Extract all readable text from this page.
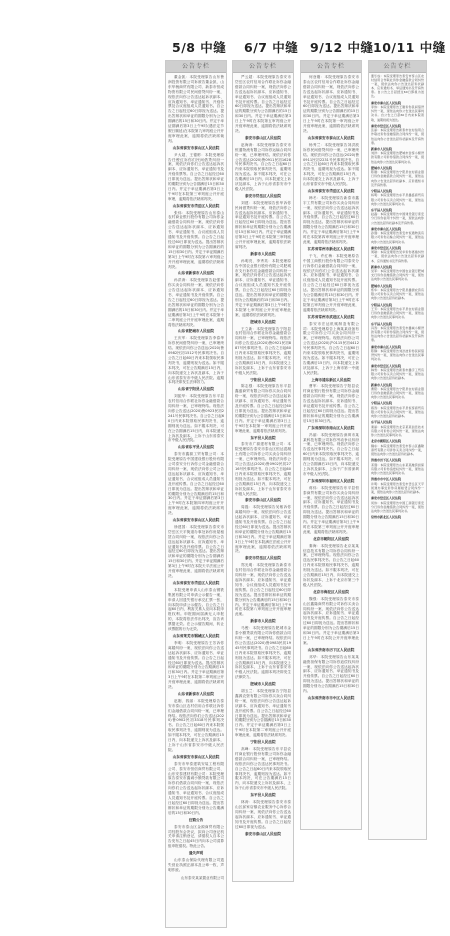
5/8 中缝 6/7 中缝 9/12 中缝 10/11 中缝
公告专栏

董金凯：本院受理原告山东鲁润投资有限公司诉被告董金凯、山东华柄商贸有限公司、新泰市恒成物资有限公司民间借贷纠纷一案，现依法向你公告送达起诉状副本、应诉通知书、举证通知书、开庭传票及合议庭组成人员通知书。自公告之日起经过60日即视为送达。提出答辩状和举证的期限分别为公告期满后的15日和30日内。并定于举证期满后第3日上午9时(遇法定节假日顺延)在本院第九审判庭公开开庭审理此案，逾期将依法缺席裁判。

山东省泰安市泰山区人民法院

尹大超、王德彬：本院受理原告任俊红诉你们民间借贷纠纷一案，现依法向你们公告送达起诉状副本、应诉通知书、举证通知书及开庭传票等。自公告之日起经过60日即视为送达。提出答辩状和举证的期限分别为公告期满后15日和30日内。并定于举证期满后第3日上午9时在本院第三审判庭公开开庭审理，逾期将依法缺席判决。

山东省泰安市岱岳区人民法院

张伟：本院受理原告山东泰山农村商业银行股份有限公司诉你金融借款合同纠纷一案，现依法向你公告送达起诉状副本、应诉通知书、举证通知书、合议庭组成人员通知书及开庭传票。自公告之日起经过60日即视为送达。提出答辩状和举证的期限分别为公告期满后的15日和30日内。并定于举证期满后第3日上午9时在本院第六审判庭公开开庭审理此案，逾期将依法缺席判决。

山东省新泰市人民法院

孙洪涛：本院受理原告赵强诉你买卖合同纠纷一案，现依法向你公告送达起诉状副本、应诉通知书、举证通知书及开庭传票。自公告之日起经过60日即视为送达。提出答辩状和举证的期限分别为公告期满后的15日和30日内。并定于举证期满后第3日上午9时在本院第十二审判庭公开开庭审理此案，逾期将依法缺席判决。

山东省肥城市人民法院

王庆军：本院受理原告李春华诉你民间借贷纠纷一案，已审理终结。现依法向你公告送达(2020)鲁0982民初1512号民事判决书。自公告之日起60日内来本院领取民事判决书，逾期则视为送达。如不服本判决，可在公告期满后15日内，向本院递交上诉状及副本，上诉于山东省泰安市中级人民法院。逾期本判决即发生法律效力。

山东省宁阳县人民法院

刘振华：本院受理原告东平县农村信用合作联社诉你金融借款合同纠纷一案，已审理终结。现依法向你公告送达(2020)鲁0923民初2241号民事判决书。自公告之日起60日内来本院领取民事判决书，逾期则视为送达。如不服本判决，可在公告期满后15日内，向本院递交上诉状及副本，上诉于山东省泰安市中级人民法院。

山东省东平县人民法院

泰安市鑫源工贸有限公司：本院受理原告中国建设银行股份有限公司泰安分行诉你公司金融借款合同纠纷一案，现依法向你公司公告送达起诉状副本、应诉通知书、举证通知书、合议庭组成人员通知书及开庭传票。自公告之日起经过60日即视为送达。提出答辩状和举证的期限分别为公告期满后的15日和30日内。并定于举证期满后第3日上午9时在本院第四审判庭公开开庭审理此案，逾期将依法缺席判决。

山东省泰安市泰山区人民法院

徐建国：本院受理原告泰安市岱岳区天平街道办事处诉你房屋租赁合同纠纷一案，现依法向你公告送达起诉状副本、应诉通知书、举证通知书及开庭传票。自公告之日起经过60日即视为送达。提出答辩状和举证的期限分别为公告期满后15日和30日内。并定于举证期满后第3日上午9时在本院天平法庭公开开庭审理此案，逾期将依法缺席判决。

山东省泰安市岱岳区人民法院

本院受理申请人山东泰山钢铁集团有限公司申请公示催告一案，申请人因遗失银行承兑汇票一张，向本院申请公示催告。自公告之日起60日内，利害关系人应向本院申报权利。申报期间届满无人申报的，本院将依法作出判决，宣告该票据无效。在公示催告期间，转让该票据的行为无效。

山东省莱芜市钢城区人民法院

李明：本院受理原告王芳诉你离婚纠纷一案，现依法向你公告送达起诉状副本、应诉通知书、举证通知书及开庭传票。自公告之日起经过60日即视为送达。提出答辩状和举证的期限分别为公告期满后15日和30日内。并定于举证期满后第3日上午9时在本院第二审判庭公开开庭审理此案，逾期将依法缺席判决。

山东省新泰市人民法院

赵刚、钱丽：本院受理原告泰安市泰山区农村信用合作联社诉你们金融借款合同纠纷一案，已审理终结。现依法向你们公告送达(2020)鲁0902民初3318号民事判决书。自公告之日起60日内来本院领取民事判决书，逾期则视为送达。如不服本判决，可在公告期满后15日内，向本院递交上诉状及副本，上诉于山东省泰安市中级人民法院。

山东省泰安市泰山区人民法院

泰安市华泰建筑安装工程有限公司、泰安市恒信商贸有限公司、山东安泰建材有限公司：本院受理原告泰安市鑫诚小额贷款有限公司诉你们借款合同纠纷一案，现依法向你们公告送达起诉状副本、应诉通知书、举证通知书、合议庭组成人员通知书及开庭传票。自公告之日起经过60日即视为送达。提出答辩状和举证的期限分别为公告期满后的15日和30日内。

注销公告

泰安市泰山区金源商贸有限公司经股东会决议，拟向公司登记机关申请注销登记，请债权人自本公告发布之日起45日内向本公司清算组申报债权。特此公告。

遗失声明

山东泰山保险代理有限公司遗失营业执照正副本及公章一枚，声明作废。

山东泰安某某置业有限公司

公告专栏

严云超：本院受理原告泰安市岱岳区农村信用合作联社诉你金融借款合同纠纷一案，现依法向你公告送达起诉状副本、应诉通知书、举证通知书、合议庭组成人员通知书及开庭传票。自公告之日起经过60日即视为送达。提出答辩状和举证的期限分别为公告期满后的15日和30日内。并定于举证期满后第3日上午9时在本院第五审判庭公开开庭审理此案，逾期将依法缺席判决。

泰安市泰山区人民法院

赵海涛：本院受理原告泰安市恒通物流有限公司诉你运输合同纠纷一案，已审理终结。现依法向你公告送达(2020)鲁0911民初1628号民事判决书。自公告之日起60日内来本院领取民事判决书，逾期则视为送达。如不服本判决，可在公告期满后15日内，向本院递交上诉状及副本，上诉于山东省泰安市中级人民法院。

泰安市岱岳区人民法院

刘建：本院受理原告张华诉你民间借贷纠纷一案，现依法向你公告送达起诉状副本、应诉通知书、举证通知书及开庭传票。自公告之日起经过60日即视为送达。提出答辩状和举证的期限分别为公告期满后15日和30日内。并定于举证期满后第3日上午9时在本院第三审判庭公开开庭审理此案，逾期将依法缺席判决。

新泰市人民法院

孙明亮、李秀英：本院受理原告中国农业银行股份有限公司肥城市支行诉你们金融借款合同纠纷一案，现依法向你们公告送达起诉状副本、应诉通知书、举证通知书、合议庭组成人员通知书及开庭传票。自公告之日起经过60日即视为送达。提出答辩状和举证的期限分别为公告期满后的15日和30日内。并定于举证期满后第3日上午9时在本院第七审判庭公开开庭审理此案，逾期将依法缺席判决。

肥城市人民法院

王立新：本院受理原告宁阳县农村信用合作联社诉你金融借款合同纠纷一案，已审理终结。现依法向你公告送达(2020)鲁0921民初887号民事判决书。自公告之日起60日内来本院领取民事判决书，逾期则视为送达。如不服本判决，可在公告期满后15日内，向本院递交上诉状及副本，上诉于山东省泰安市中级人民法院。

宁阳县人民法院

陈志强：本院受理原告东平县鑫盛商贸有限公司诉你买卖合同纠纷一案，现依法向你公告送达起诉状副本、应诉通知书、举证通知书及开庭传票。自公告之日起经过60日即视为送达。提出答辩状和举证的期限分别为公告期满后15日和30日内。并定于举证期满后第3日上午9时在本院第一审判庭公开开庭审理此案，逾期将依法缺席判决。

东平县人民法院

泰安市广源建材有限公司：本院受理原告泰安市泰山区恒达混凝土有限公司诉你公司买卖合同纠纷一案，已审理终结。现依法向你公司公告送达(2020)鲁0902民初2716号民事判决书。自公告之日起60日内来本院领取民事判决书，逾期则视为送达。如不服本判决，可在公告期满后15日内，向本院递交上诉状及副本，上诉于山东省泰安市中级人民法院。

泰安市泰山区人民法院

周磊：本院受理原告吴敏诉你离婚纠纷一案，现依法向你公告送达起诉状副本、应诉通知书、举证通知书及开庭传票。自公告之日起经过60日即视为送达。提出答辩状和举证的期限分别为公告期满后15日和30日内。并定于举证期满后第3日上午9时在本院满庄法庭公开开庭审理此案，逾期将依法缺席判决。

泰安市岱岳区人民法院

郑光明：本院受理原告新泰市农村信用合作联社诉你金融借款合同纠纷一案，现依法向你公告送达起诉状副本、应诉通知书、举证通知书、合议庭组成人员通知书及开庭传票。自公告之日起经过60日即视为送达。提出答辩状和举证的期限分别为公告期满后的15日和30日内。并定于举证期满后第3日上午9时在本院第八审判庭公开开庭审理此案。

新泰市人民法院

马俊：本院受理原告肥城市金泰小额贷款有限公司诉你借款合同纠纷一案，已审理终结。现依法向你公告送达(2020)鲁0983民初1945号民事判决书。自公告之日起60日内来本院领取民事判决书，逾期则视为送达。如不服本判决，可在公告期满后15日内，向本院递交上诉状及副本，上诉于山东省泰安市中级人民法院。逾期本判决即发生法律效力。

肥城市人民法院

胡玉兰：本院受理原告宁阳县鑫源农资有限公司诉你买卖合同纠纷一案，现依法向你公告送达起诉状副本、应诉通知书、举证通知书及开庭传票。自公告之日起经过60日即视为送达。提出答辩状和举证的期限分别为公告期满后15日和30日内。并定于举证期满后第3日上午9时在本院第二审判庭公开开庭审理此案，逾期将依法缺席判决。

宁阳县人民法院

高峰：本院受理原告东平县农村商业银行股份有限公司诉你金融借款合同纠纷一案，已审理终结。现依法向你公告送达民事判决书。自公告之日起60日内来本院领取民事判决书，逾期则视为送达。如不服本判决，可在公告期满后15日内，向本院递交上诉状及副本，上诉于山东省泰安市中级人民法院。

东平县人民法院

林涛：本院受理原告泰安市泰山区邱家店镇农业服务中心诉你合同纠纷一案，现依法向你公告送达起诉状副本、应诉通知书、举证通知书及开庭传票。自公告之日起经过60日即视为送达。

泰安市泰山区人民法院

公告专栏

何登刚：本院受理原告泰安市泰山区农村信用合作联社诉你金融借款合同纠纷一案，现依法向你公告送达起诉状副本、应诉通知书、举证通知书、合议庭组成人员通知书及开庭传票。自公告之日起经过60日即视为送达。提出答辩状和举证的期限分别为公告期满后的15日和30日内。并定于举证期满后第3日上午9时在本院第一审判庭公开开庭审理此案，逾期将依法缺席判决。

山东省泰安市泰山区人民法院

杨秀兰：本院受理原告刘洪波诉你民间借贷纠纷一案，已审理终结。现依法向你公告送达(2020)鲁0911民初2231号民事判决书。自公告之日起60日内来本院领取民事判决书，逾期则视为送达。如不服本判决，可在公告期满后15日内，向本院递交上诉状及副本，上诉于山东省泰安市中级人民法院。

山东省泰安市岱岳区人民法院

韩冬：本院受理原告新泰市鑫宇工贸有限公司诉你买卖合同纠纷一案，现依法向你公告送达起诉状副本、应诉通知书、举证通知书及开庭传票。自公告之日起经过60日即视为送达。提出答辩状和举证的期限分别为公告期满后15日和30日内。并定于举证期满后第3日上午9时在本院第四审判庭公开开庭审理此案，逾期将依法缺席判决。

江苏省常州市新北区人民法院

于飞、许红梅：本院受理原告中国工商银行股份有限公司泰安分行诉你们金融借款合同纠纷一案，现依法向你们公告送达起诉状副本、应诉通知书、举证通知书、合议庭组成人员通知书及开庭传票。自公告之日起经过60日即视为送达。提出答辩状和举证的期限分别为公告期满后的15日和30日内。并定于举证期满后第3日上午9时在本院第五审判庭公开开庭审理此案，逾期将依法缺席判决。

江苏省常州市武进区人民法院

泰安市宏达机械制造有限公司：本院受理原告上海某某设备有限公司诉你公司买卖合同纠纷一案，已审理终结。现依法向你公司公告送达(2020)沪0115民初4412号民事判决书。自公告之日起60日内来本院领取民事判决书，逾期则视为送达。如不服本判决，可在公告期满后15日内，向本院递交上诉状及副本，上诉于上海市第一中级人民法院。

上海市浦东新区人民法院

曹军：本院受理原告宁阳县农村商业银行股份有限公司诉你金融借款合同纠纷一案，现依法向你公告送达起诉状副本、应诉通知书、举证通知书及开庭传票。自公告之日起经过60日即视为送达。提出答辩状和举证的期限分别为公告期满后15日和30日内。

广东省深圳市南山区人民法院

冯丽：本院受理原告深圳市某某科技有限公司诉你劳动争议纠纷一案，已审理终结。现依法向你公告送达民事判决书。自公告之日起60日内来本院领取民事判决书，逾期则视为送达。如不服本判决，可在公告期满后15日内，向本院递交上诉状及副本，上诉于广东省深圳市中级人民法院。

广东省深圳市福田区人民法院

蒋伟：本院受理原告东平县恒泰商贸有限公司诉你买卖合同纠纷一案，现依法向你公告送达起诉状副本、应诉通知书、举证通知书及开庭传票。自公告之日起经过60日即视为送达。提出答辩状和举证的期限分别为公告期满后15日和30日内。并定于举证期满后第3日上午9时在本院第三审判庭公开开庭审理此案，逾期将依法缺席判决。

北京市朝阳区人民法院

秦海：本院受理原告北京某某信息技术有限公司诉你合同纠纷一案，已审理终结。现依法向你公告送达民事判决书。自公告之日起60日内来本院领取民事判决书，逾期则视为送达。如不服本判决，可在公告期满后15日内，向本院递交上诉状及副本，上诉于北京市第三中级人民法院。

北京市海淀区人民法院

魏强：本院受理原告泰安市泰山区鑫隆商贸有限公司诉你买卖合同纠纷一案，现依法向你公告送达起诉状副本、应诉通知书、举证通知书及开庭传票。自公告之日起经过60日即视为送达。提出答辩状和举证的期限分别为公告期满后15日和30日内。并定于举证期满后第3日上午9时在本院公开开庭审理此案。

山东省济南市历下区人民法院

邓华：本院受理原告山东某某融资担保有限公司诉你追偿权纠纷一案，现依法向你公告送达起诉状副本、应诉通知书、举证通知书及开庭传票。自公告之日起经过60日即视为送达。提出答辩状和举证的期限分别为公告期满后15日和30日内。

山东省济南市市中区人民法院

公告专栏

董乐成：本院受理原告泰安市泰山区农村信用合作联社诉你金融借款合同纠纷一案，现依法向你公告送达起诉状副本、应诉通知书、举证通知书及开庭传票。自公告之日起经过60日即视为送达。

泰安市泰山区人民法院

李伟：本院受理原告王刚诉你民间借贷纠纷一案，现依法向你公告送达民事判决书。自公告之日起60日内来本院领取，逾期则视为送达。

泰安市岱岳区人民法院

张丽：本院受理原告新泰市农村信用合作联社诉你金融借款合同纠纷一案，现依法向你公告送达起诉状副本及开庭传票。

新泰市人民法院

刘洋：本院受理原告肥城市金泰小额贷款有限公司诉你借款合同纠纷一案，现依法向你公告送达民事判决书。

肥城市人民法院

陈刚：本院受理原告宁阳县农村商业银行诉你金融借款合同纠纷一案，现依法向你公告送达起诉状副本、应诉通知书及开庭传票。

宁阳县人民法院

杨明：本院受理原告东平县鑫盛商贸有限公司诉你买卖合同纠纷一案，现依法向你公告送达民事判决书。

东平县人民法院

赵磊：本院受理原告中国建设银行泰安分行诉你信用卡纠纷一案，现依法向你公告送达起诉状副本及开庭传票。

泰安市泰山区人民法院

孙强：本院受理原告泰安市恒通物流有限公司诉你运输合同纠纷一案，现依法向你公告送达民事判决书。

泰安市岱岳区人民法院

周敏：本院受理原告吴华诉你离婚纠纷一案，现依法向你公告送达起诉状副本、应诉通知书及开庭传票。

新泰市人民法院

吴军：本院受理原告中国农业银行肥城支行诉你金融借款合同纠纷一案，现依法向你公告送达民事判决书。

肥城市人民法院

郑华：本院受理原告宁阳县鑫源农资有限公司诉你买卖合同纠纷一案，现依法向你公告送达起诉状副本。

宁阳县人民法院

王芳：本院受理原告东平县农村商业银行诉你金融借款合同纠纷一案，现依法向你公告送达民事判决书。

东平县人民法院

冯涛：本院受理原告泰安市鑫诚小额贷款有限公司诉你借款合同纠纷一案，现依法向你公告送达起诉状副本及开庭传票。

泰安市泰山区人民法院

陈静：本院受理原告刘洪波诉你民间借贷纠纷一案，现依法向你公告送达民事判决书。

泰安市岱岳区人民法院

韩雪：本院受理原告新泰市鑫宇工贸有限公司诉你买卖合同纠纷一案，现依法向你公告送达起诉状副本。

新泰市人民法院

曹阳：本院受理原告宁阳县农村商业银行诉你金融借款合同纠纷一案，现依法向你公告送达民事判决书。

宁阳县人民法院

蒋涛：本院受理原告东平县恒泰商贸有限公司诉你买卖合同纠纷一案，现依法向你公告送达起诉状副本。

东平县人民法院

秦丽：本院受理原告北京某某信息技术有限公司诉你合同纠纷一案，现依法向你公告送达民事判决书。

北京市朝阳区人民法院

魏东：本院受理原告泰安市泰山区鑫隆商贸有限公司诉你买卖合同纠纷一案，现依法向你公告送达起诉状副本。

济南市历下区人民法院

邓强：本院受理原告山东某某融资担保有限公司诉你追偿权纠纷一案，现依法向你公告送达民事判决书。

济南市市中区人民法院

许明：本院受理原告泰安市岱岳区天平街道办事处诉你房屋租赁合同纠纷一案，现依法向你公告送达起诉状副本。

泰安市岱岳区人民法院

何伟：本院受理原告中国工商银行泰安分行诉你金融借款合同纠纷一案，现依法向你公告送达民事判决书。

常州市新北区人民法院
